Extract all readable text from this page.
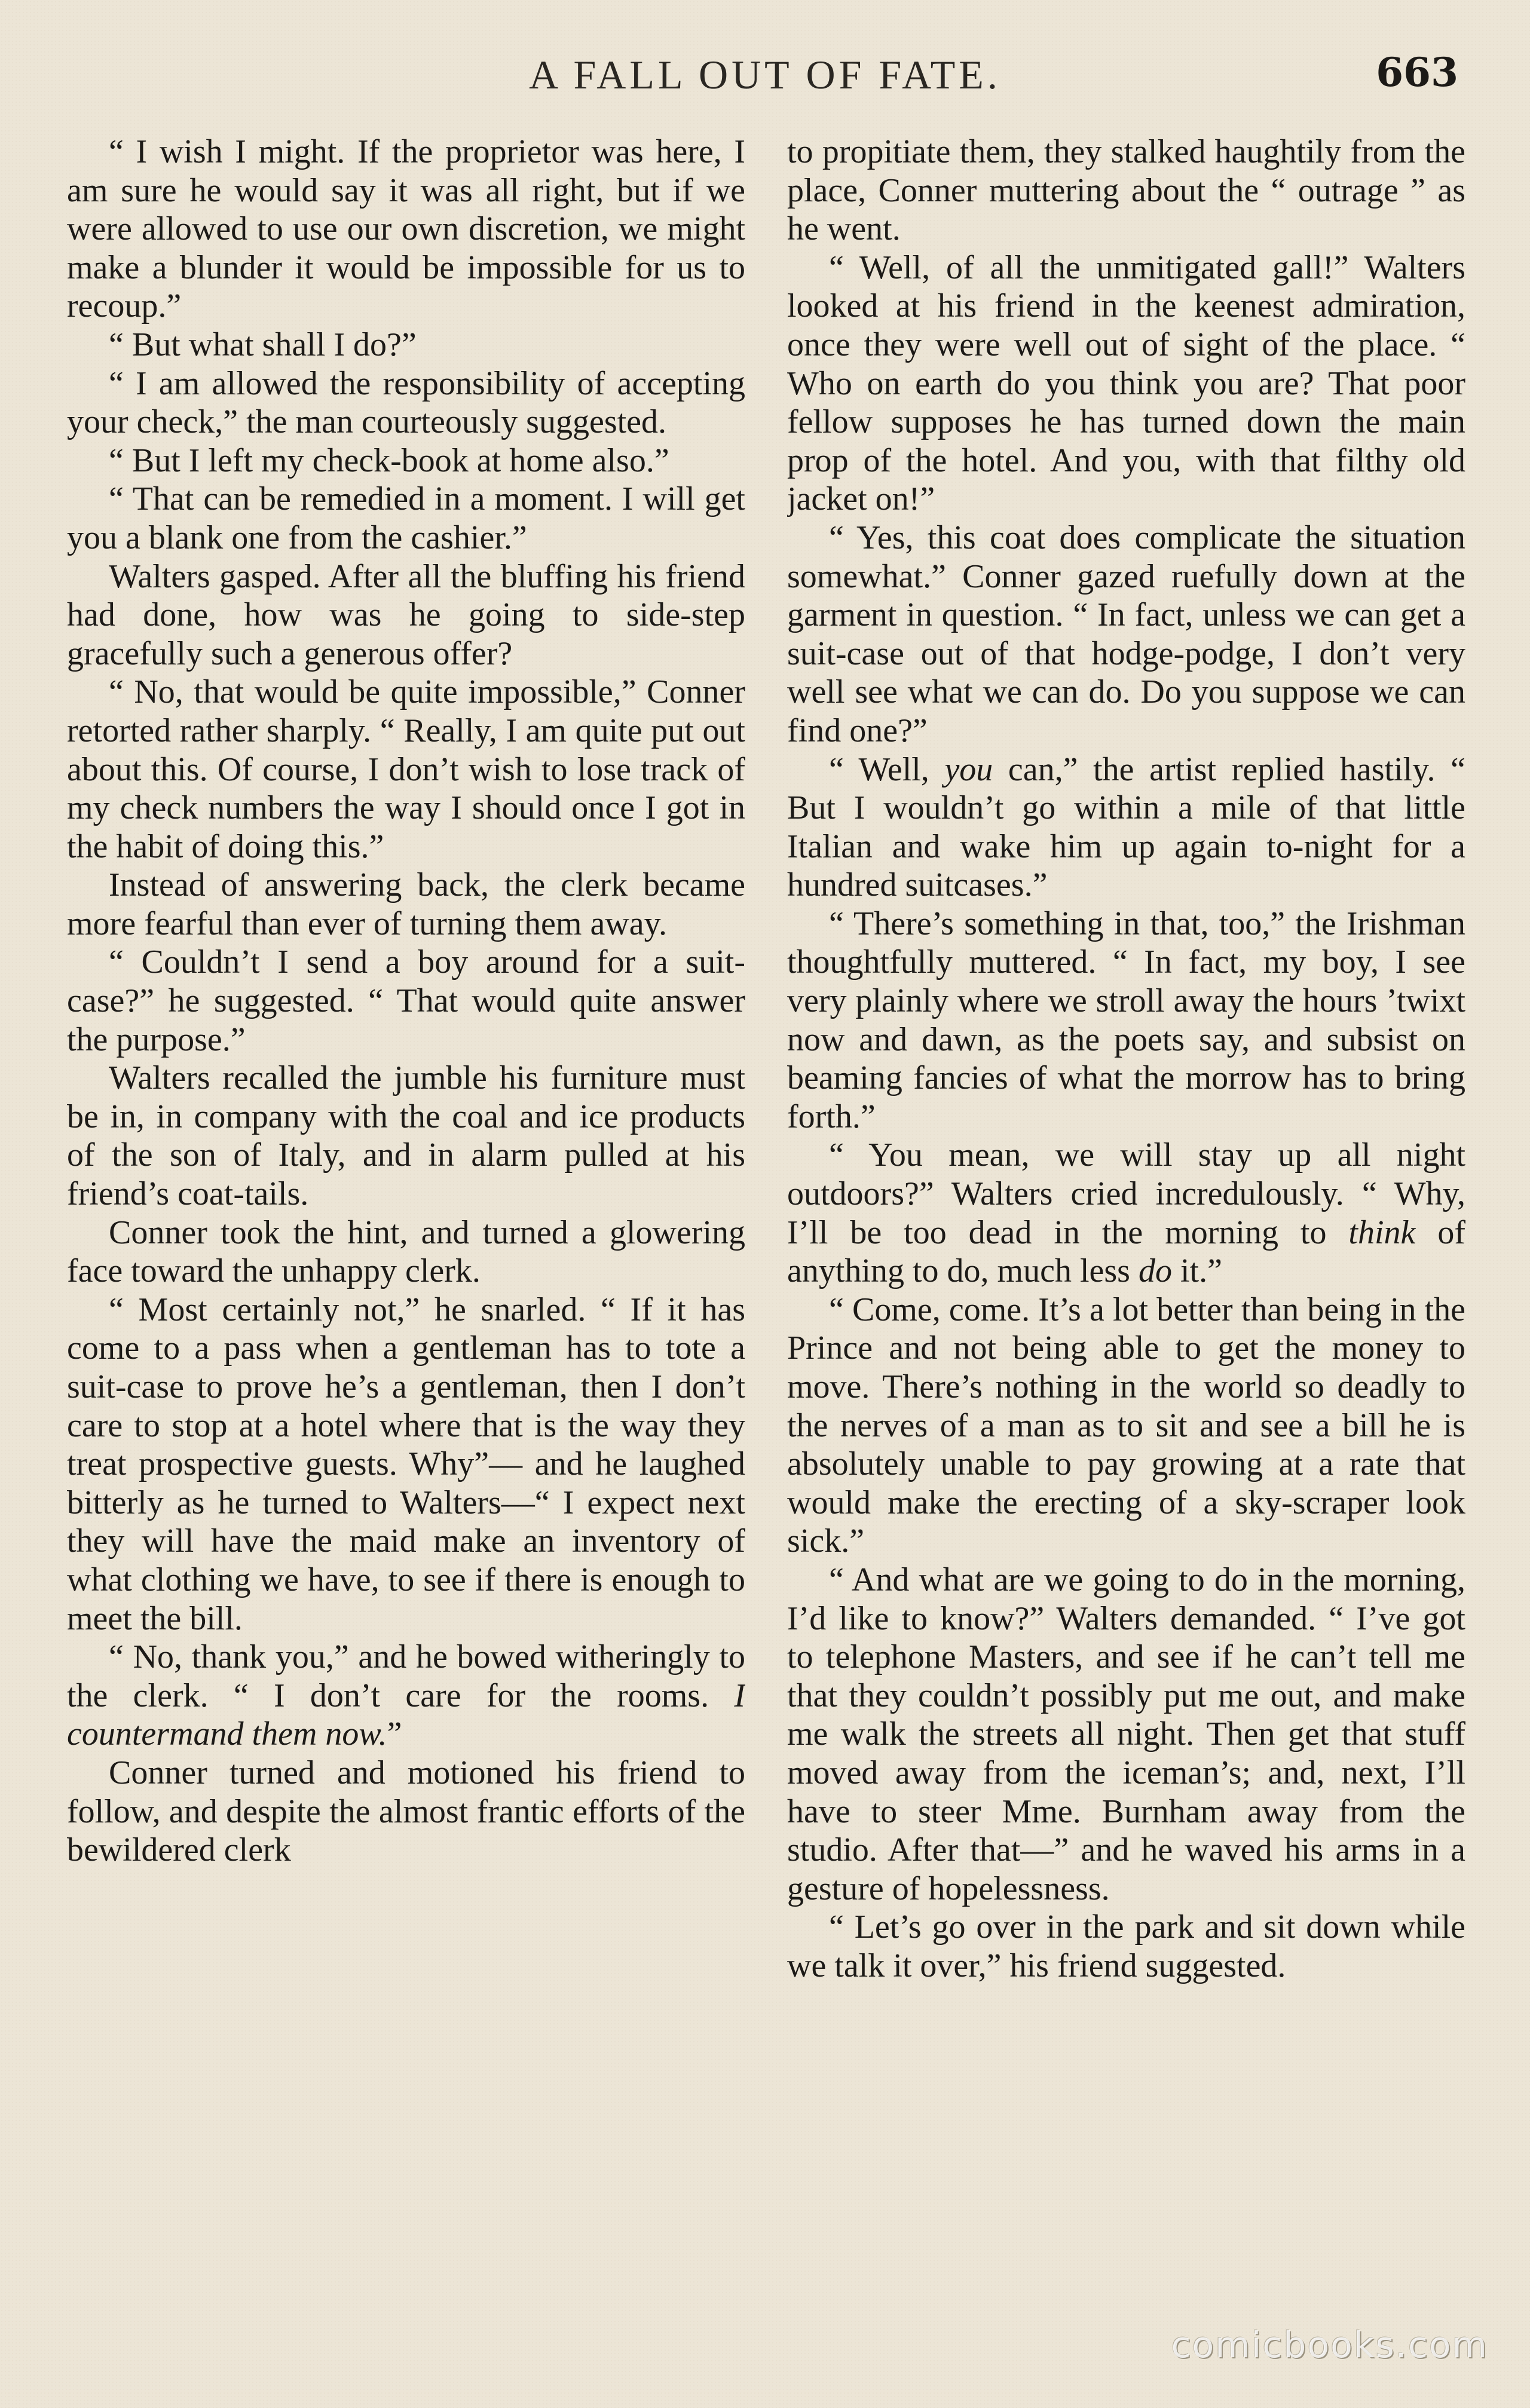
A FALL OUT OF FATE.	663

“ I wish I might. If the proprietor was here, I am sure he would say it was all right, but if we were allowed to use our own discretion, we might make a blunder it would be impossible for us to recoup.”

“ But what shall I do?”

“ I am allowed the responsibility of accepting your check,” the man courteously suggested.

“ But I left my check-book at home also.”

“ That can be remedied in a moment. I will get you a blank one from the cashier.”

Walters gasped. After all the bluffing his friend had done, how was he going to side-step gracefully such a generous offer?

“ No, that would be quite impossible,” Conner retorted rather sharply. “ Really, I am quite put out about this. Of course, I don’t wish to lose track of my check numbers the way I should once I got in the habit of doing this.”

Instead of answering back, the clerk became more fearful than ever of turning them away.

“ Couldn’t I send a boy around for a suit-case?” he suggested. “ That would quite answer the purpose.”

Walters recalled the jumble his furniture must be in, in company with the coal and ice products of the son of Italy, and in alarm pulled at his friend’s coat-tails.

Conner took the hint, and turned a glowering face toward the unhappy clerk.

“ Most certainly not,” he snarled. “ If it has come to a pass when a gentleman has to tote a suit-case to prove he’s a gentleman, then I don’t care to stop at a hotel where that is the way they treat prospective guests. Why”— and he laughed bitterly as he turned to Walters—“ I expect next they will have the maid make an inventory of what clothing we have, to see if there is enough to meet the bill.

“ No, thank you,” and he bowed witheringly to the clerk. “ I don’t care for the rooms. I countermand them now.”

Conner turned and motioned his friend to follow, and despite the almost frantic efforts of the bewildered clerk

to propitiate them, they stalked haughtily from the place, Conner muttering about the “ outrage ” as he went.

“ Well, of all the unmitigated gall!” Walters looked at his friend in the keenest admiration, once they were well out of sight of the place. “ Who on earth do you think you are? That poor fellow supposes he has turned down the main prop of the hotel. And you, with that filthy old jacket on!”

“ Yes, this coat does complicate the situation somewhat.” Conner gazed ruefully down at the garment in question. “ In fact, unless we can get a suit-case out of that hodge-podge, I don’t very well see what we can do. Do you suppose we can find one?”

“ Well, you can,” the artist replied hastily. “ But I wouldn’t go within a mile of that little Italian and wake him up again to-night for a hundred suitcases.”

“ There’s something in that, too,” the Irishman thoughtfully muttered. “ In fact, my boy, I see very plainly where we stroll away the hours ’twixt now and dawn, as the poets say, and subsist on beaming fancies of what the morrow has to bring forth.”

“ You mean, we will stay up all night outdoors?” Walters cried incredulously. “ Why, I’ll be too dead in the morning to think of anything to do, much less do it.”

“ Come, come. It’s a lot better than being in the Prince and not being able to get the money to move. There’s nothing in the world so deadly to the nerves of a man as to sit and see a bill he is absolutely unable to pay growing at a rate that would make the erecting of a sky-scraper look sick.”

“ And what are we going to do in the morning, I’d like to know?” Walters demanded. “ I’ve got to telephone Masters, and see if he can’t tell me that they couldn’t possibly put me out, and make me walk the streets all night. Then get that stuff moved away from the iceman’s; and, next, I’ll have to steer Mme. Burnham away from the studio. After that—” and he waved his arms in a gesture of hopelessness.

“ Let’s go over in the park and sit down while we talk it over,” his friend suggested.

comicbooks.com
